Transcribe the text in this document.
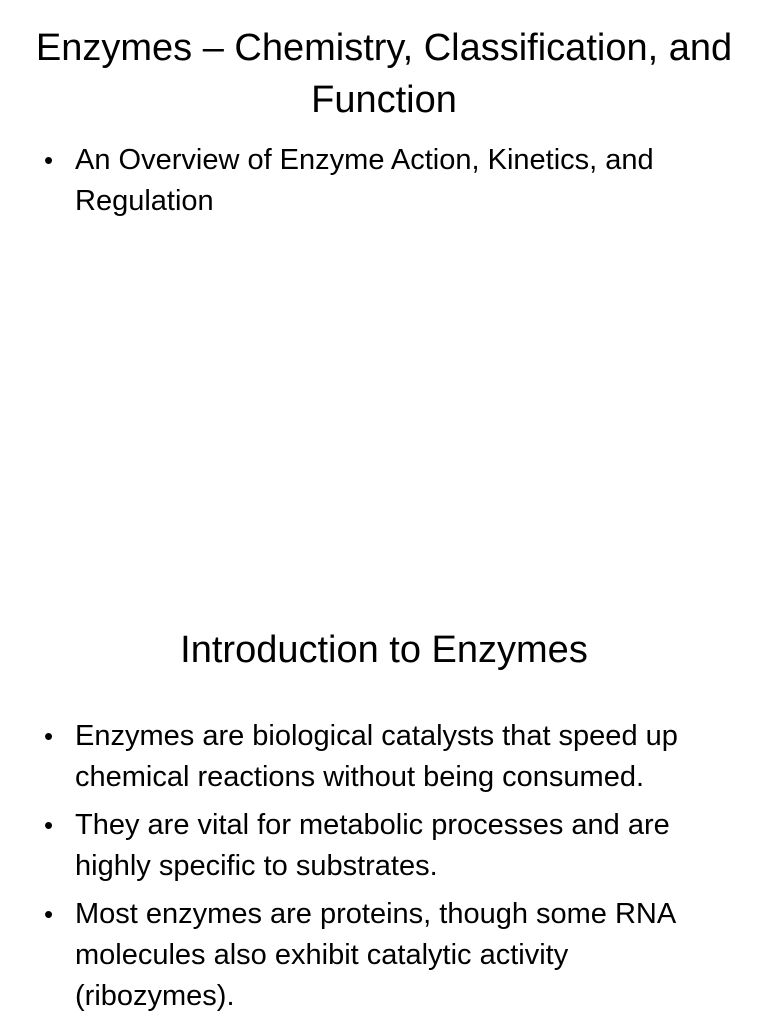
Enzymes – Chemistry, Classification, and Function
• An Overview of Enzyme Action, Kinetics, and Regulation
Introduction to Enzymes
• Enzymes are biological catalysts that speed up chemical reactions without being consumed.
• They are vital for metabolic processes and are highly specific to substrates.
• Most enzymes are proteins, though some RNA molecules also exhibit catalytic activity (ribozymes).
